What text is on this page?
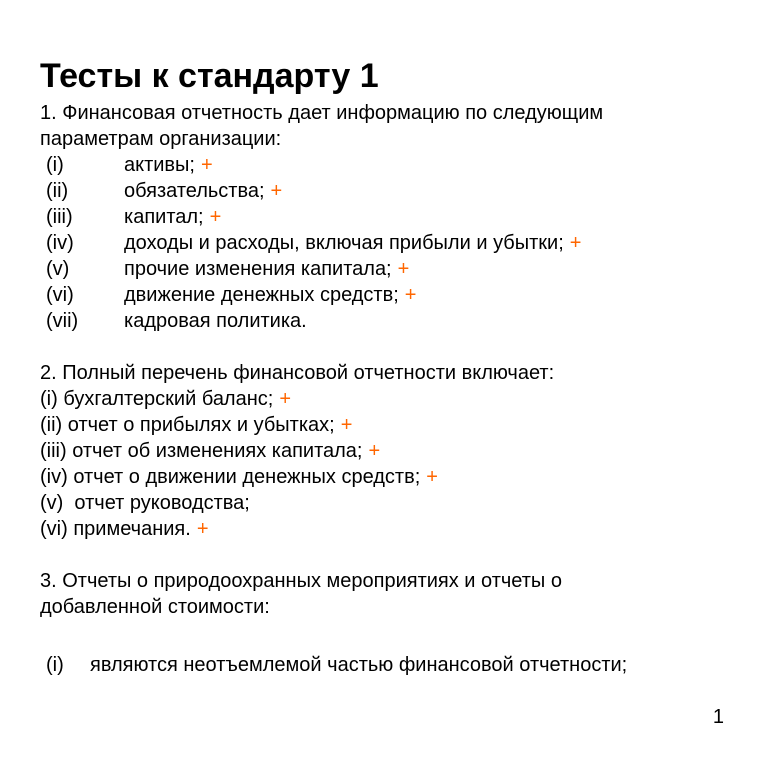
Тесты к стандарту 1
1. Финансовая отчетность дает информацию по следующим
параметрам организации:
(i)	активы; +
(ii)	обязательства; +
(iii)	капитал; +
(iv)	доходы и расходы, включая прибыли и убытки; +
(v)	прочие изменения капитала; +
(vi)	движение денежных средств; +
(vii)	кадровая политика.
2. Полный перечень финансовой отчетности включает:
(i) бухгалтерский баланс; +
(ii) отчет о прибылях и убытках; +
(iii) отчет об изменениях капитала; +
(iv) отчет о движении денежных средств; +
(v)  отчет руководства;
(vi) примечания. +
3. Отчеты о природоохранных мероприятиях и отчеты о
добавленной стоимости:
(i)	являются неотъемлемой частью финансовой отчетности;
1
